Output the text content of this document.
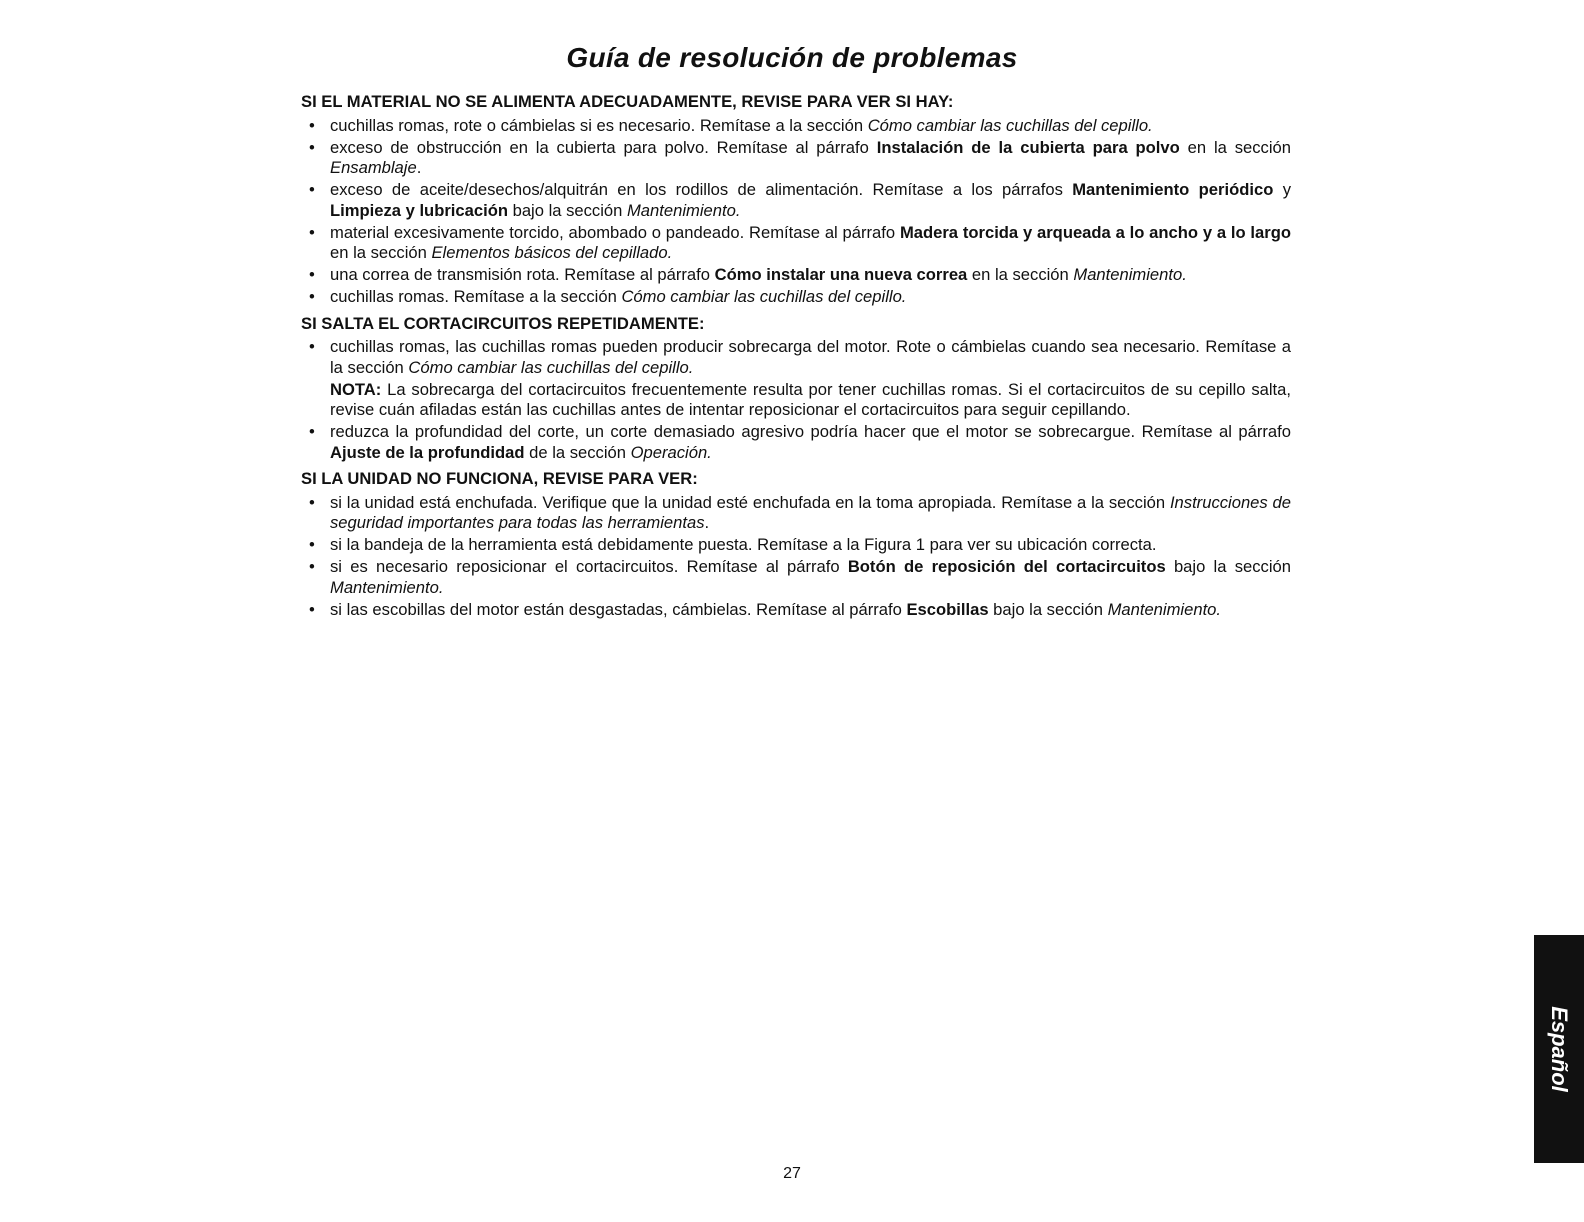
Guía de resolución de problemas
SI EL MATERIAL NO SE ALIMENTA ADECUADAMENTE, REVISE PARA VER SI HAY:
• cuchillas romas, rote o cámbielas si es necesario. Remítase a la sección Cómo cambiar las cuchillas del cepillo.
• exceso de obstrucción en la cubierta para polvo. Remítase al párrafo Instalación de la cubierta para polvo en la sección Ensamblaje.
• exceso de aceite/desechos/alquitrán en los rodillos de alimentación. Remítase a los párrafos Mantenimiento periódico y Limpieza y lubricación bajo la sección Mantenimiento.
• material excesivamente torcido, abombado o pandeado. Remítase al párrafo Madera torcida y arqueada a lo ancho y a lo largo en la sección Elementos básicos del cepillado.
• una correa de transmisión rota. Remítase al párrafo Cómo instalar una nueva correa en la sección Mantenimiento.
• cuchillas romas. Remítase a la sección Cómo cambiar las cuchillas del cepillo.
SI SALTA EL CORTACIRCUITOS REPETIDAMENTE:
• cuchillas romas, las cuchillas romas pueden producir sobrecarga del motor. Rote o cámbielas cuando sea necesario. Remítase a la sección Cómo cambiar las cuchillas del cepillo.
NOTA: La sobrecarga del cortacircuitos frecuentemente resulta por tener cuchillas romas. Si el cortacircuitos de su cepillo salta, revise cuán afiladas están las cuchillas antes de intentar reposicionar el cortacircuitos para seguir cepillando.
• reduzca la profundidad del corte, un corte demasiado agresivo podría hacer que el motor se sobrecargue. Remítase al párrafo Ajuste de la profundidad de la sección Operación.
SI LA UNIDAD NO FUNCIONA, REVISE PARA VER:
• si la unidad está enchufada. Verifique que la unidad esté enchufada en la toma apropiada. Remítase a la sección Instrucciones de seguridad importantes para todas las herramientas.
• si la bandeja de la herramienta está debidamente puesta. Remítase a la Figura 1 para ver su ubicación correcta.
• si es necesario reposicionar el cortacircuitos. Remítase al párrafo Botón de reposición del cortacircuitos bajo la sección Mantenimiento.
• si las escobillas del motor están desgastadas, cámbielas. Remítase al párrafo Escobillas bajo la sección Mantenimiento.
Español
27
